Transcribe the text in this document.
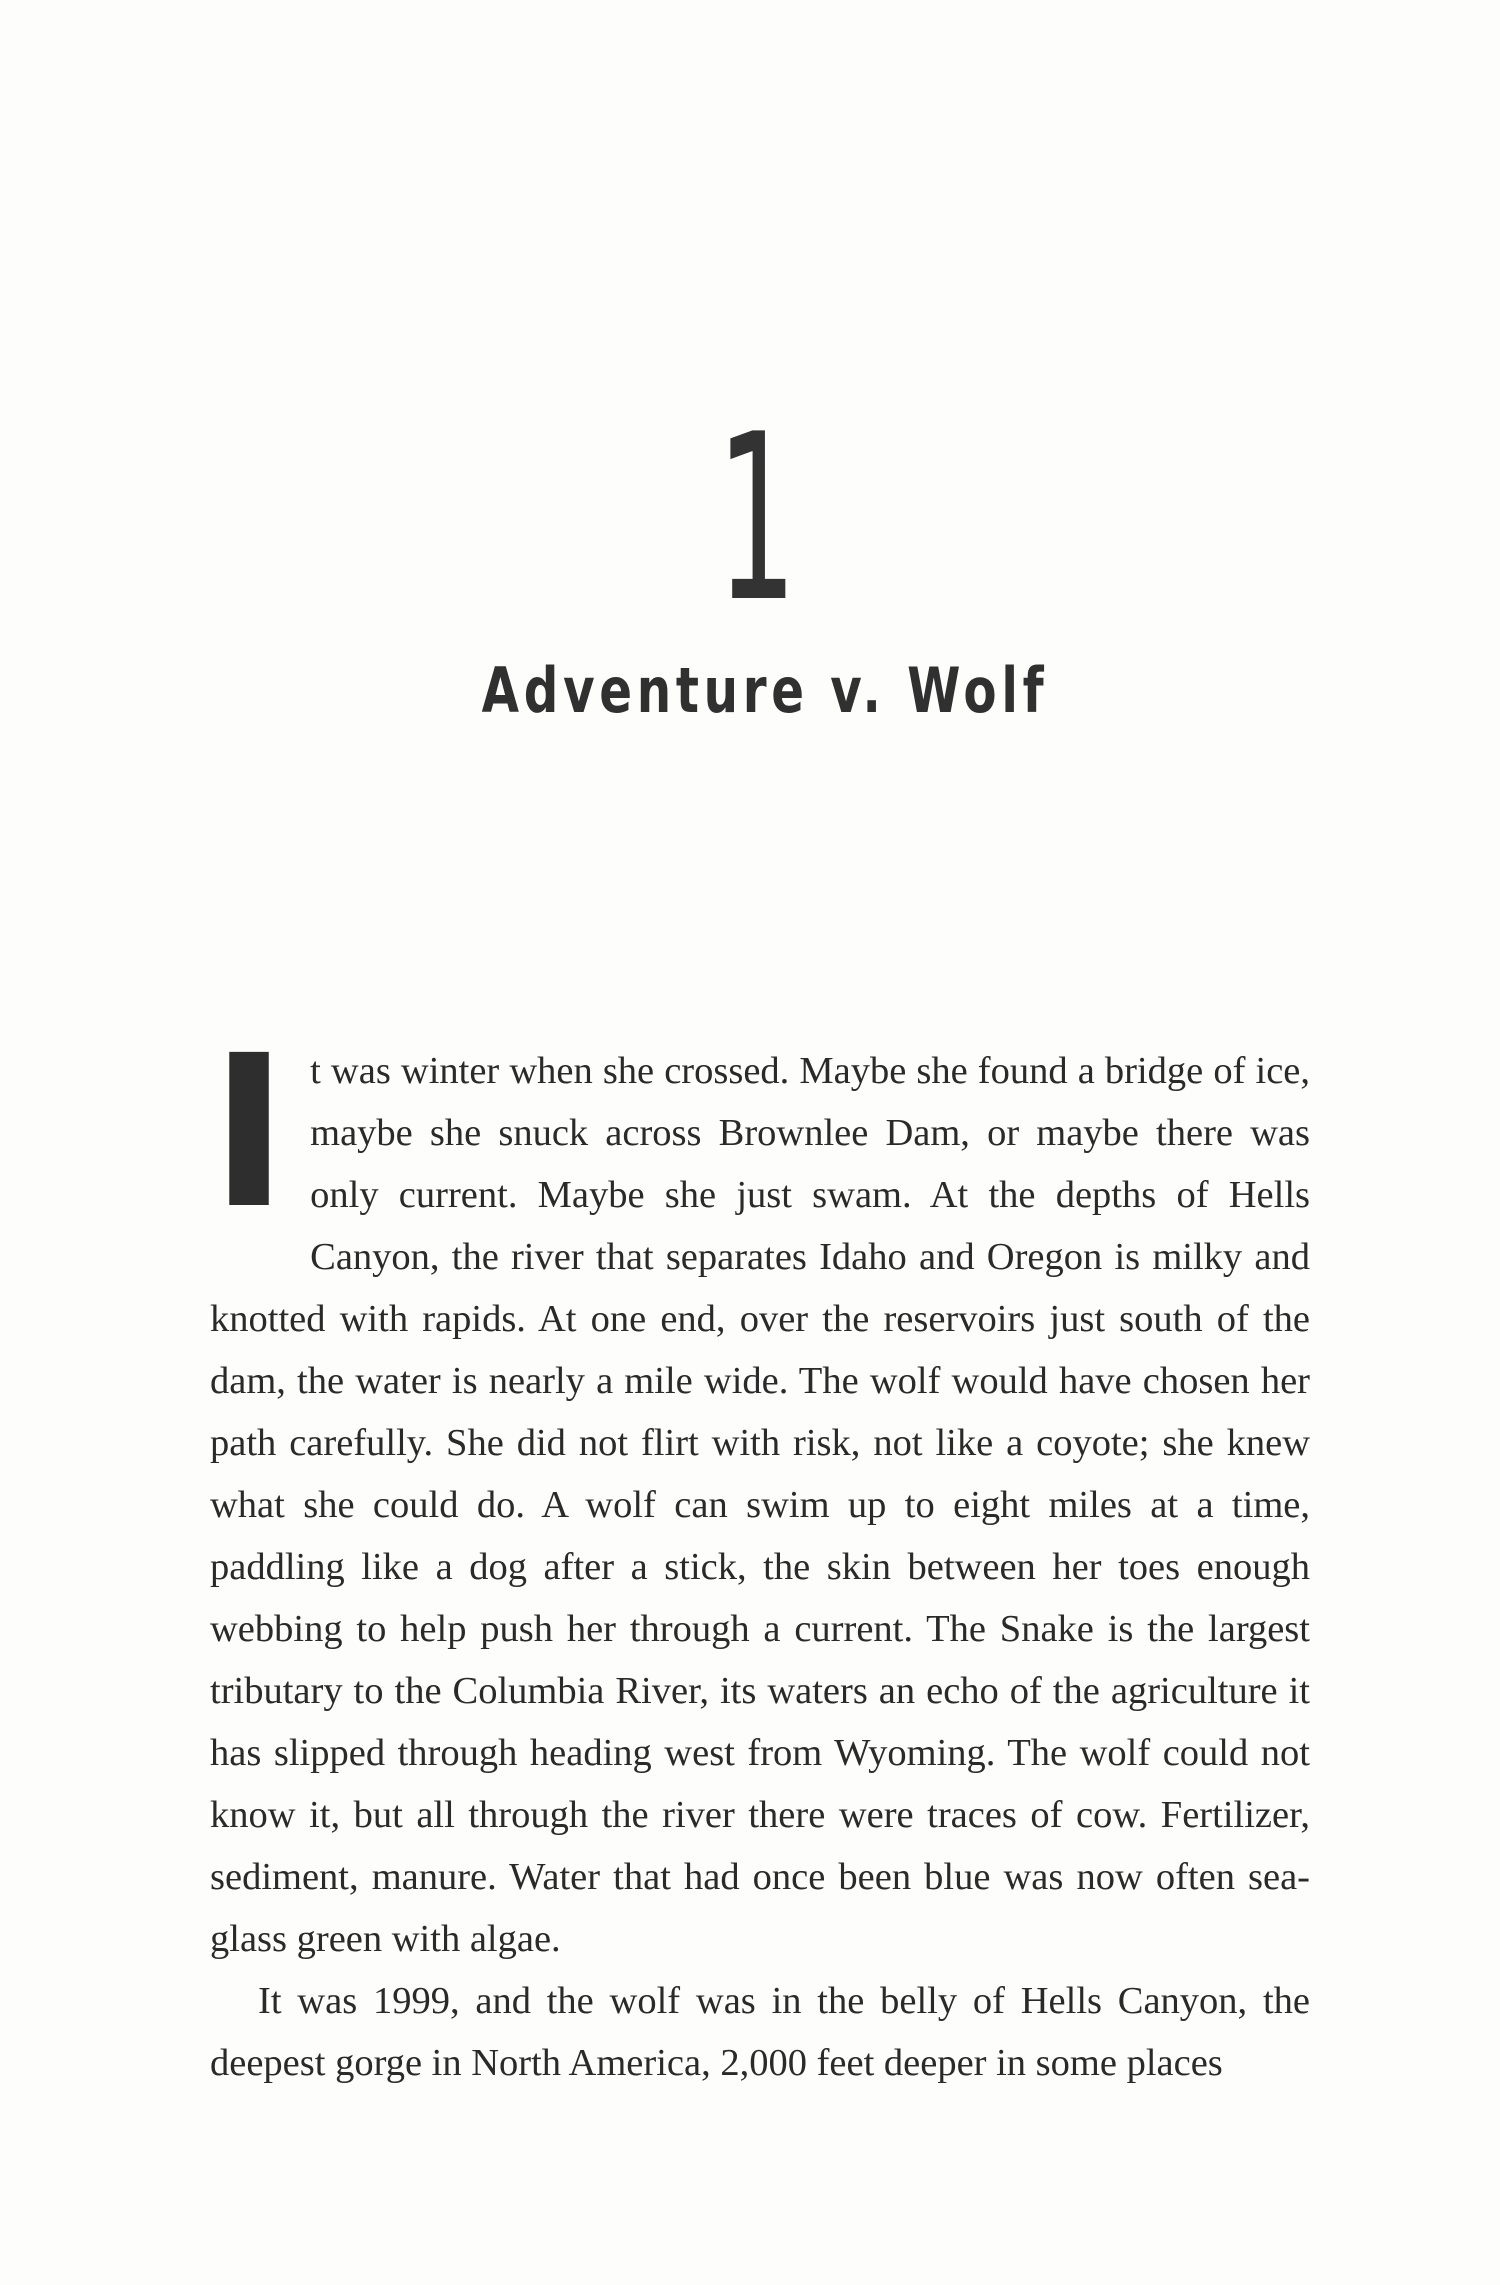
1
Adventure v. Wolf

It was winter when she crossed. Maybe she found a bridge of ice, maybe she snuck across Brownlee Dam, or maybe there was only current. Maybe she just swam. At the depths of Hells Canyon, the river that separates Idaho and Oregon is milky and knotted with rapids. At one end, over the reservoirs just south of the dam, the water is nearly a mile wide. The wolf would have chosen her path carefully. She did not flirt with risk, not like a coyote; she knew what she could do. A wolf can swim up to eight miles at a time, paddling like a dog after a stick, the skin between her toes enough webbing to help push her through a current. The Snake is the largest tributary to the Columbia River, its waters an echo of the agriculture it has slipped through heading west from Wyoming. The wolf could not know it, but all through the river there were traces of cow. Fertilizer, sediment, manure. Water that had once been blue was now often sea-glass green with algae.

It was 1999, and the wolf was in the belly of Hells Canyon, the deepest gorge in North America, 2,000 feet deeper in some places
